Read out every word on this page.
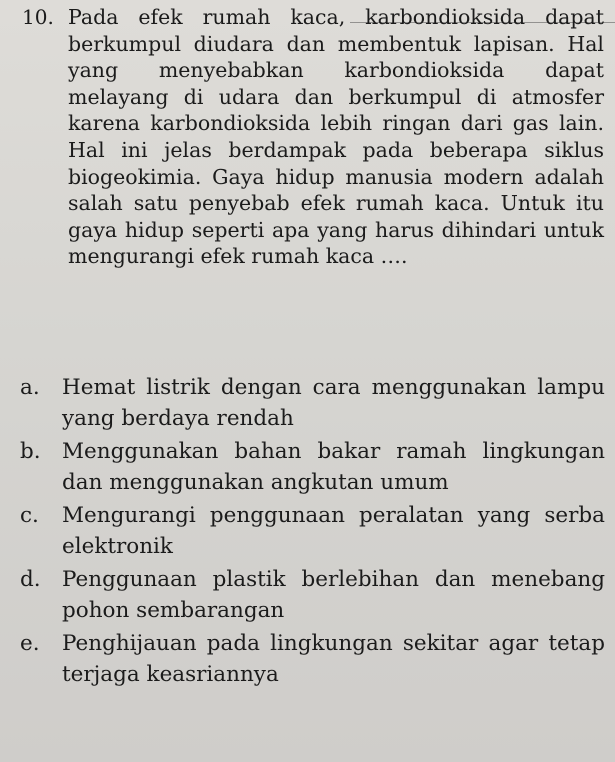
10. Pada efek rumah kaca, karbondioksida dapat berkumpul diudara dan membentuk lapisan. Hal yang menyebabkan karbondioksida dapat melayang di udara dan berkumpul di atmosfer karena karbondioksida lebih ringan dari gas lain. Hal ini jelas berdampak pada beberapa siklus biogeokimia. Gaya hidup manusia modern adalah salah satu penyebab efek rumah kaca. Untuk itu gaya hidup seperti apa yang harus dihindari untuk mengurangi efek rumah kaca ….
a.	Hemat listrik dengan cara menggunakan lampu yang berdaya rendah
b. Menggunakan bahan bakar ramah lingkungan dan menggunakan angkutan umum
c.	Mengurangi penggunaan peralatan yang serba elektronik
d. Penggunaan plastik berlebihan dan menebang pohon sembarangan
e.	Penghijauan pada lingkungan sekitar agar tetap terjaga keasriannya
